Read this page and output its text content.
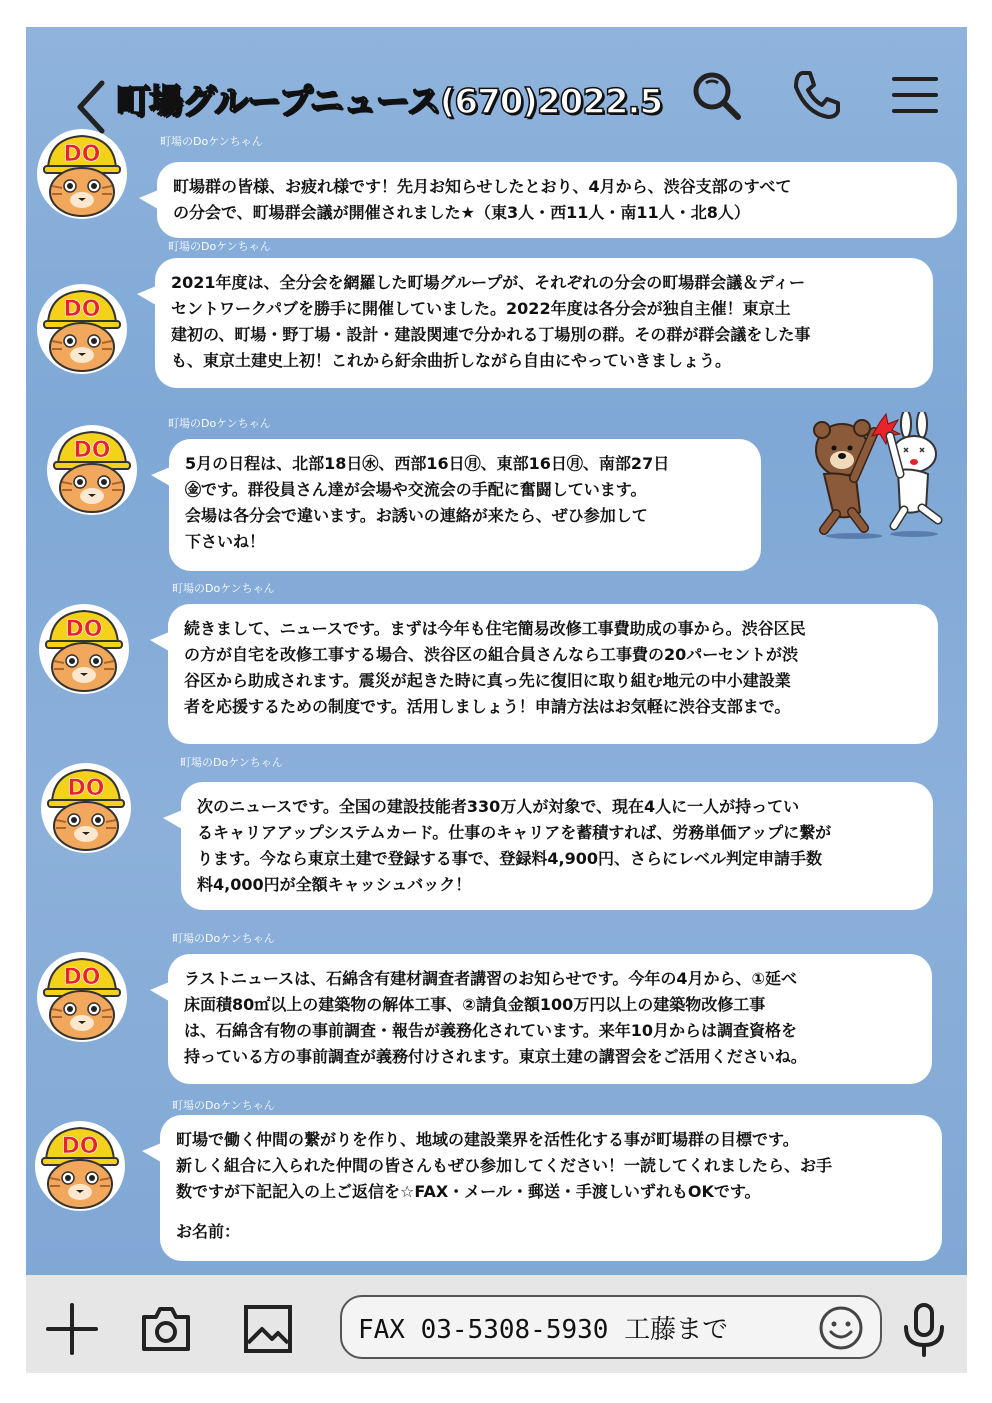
町場グループニュース(670)2022.5
DO
町場のDoケンちゃん

町場群の皆様、お疲れ様です！先月お知らせしたとおり、4月から、渋谷支部のすべて

の分会で、町場群会議が開催されました★（東3人・西11人・南11人・北8人）

DO
町場のDoケンちゃん

2021年度は、全分会を網羅した町場グループが、それぞれの分会の町場群会議＆ディー

セントワークパブを勝手に開催していました。2022年度は各分会が独自主催！東京土

建初の、町場・野丁場・設計・建設関連で分かれる丁場別の群。その群が群会議をした事

も、東京土建史上初！これから紆余曲折しながら自由にやっていきましょう。

DO
町場のDoケンちゃん

5月の日程は、北部18日㊌、西部16日㊊、東部16日㊊、南部27日

㊎です。群役員さん達が会場や交流会の手配に奮闘しています。

会場は各分会で違います。お誘いの連絡が来たら、ぜひ参加して

下さいね！

DO
町場のDoケンちゃん

続きまして、ニュースです。まずは今年も住宅簡易改修工事費助成の事から。渋谷区民

の方が自宅を改修工事する場合、渋谷区の組合員さんなら工事費の20パーセントが渋

谷区から助成されます。震災が起きた時に真っ先に復旧に取り組む地元の中小建設業

者を応援するための制度です。活用しましょう！申請方法はお気軽に渋谷支部まで。

DO
町場のDoケンちゃん

次のニュースです。全国の建設技能者330万人が対象で、現在4人に一人が持ってい

るキャリアアップシステムカード。仕事のキャリアを蓄積すれば、労務単価アップに繋が

ります。今なら東京土建で登録する事で、登録料4,900円、さらにレベル判定申請手数

料4,000円が全額キャッシュバック！

DO
町場のDoケンちゃん

ラストニュースは、石綿含有建材調査者講習のお知らせです。今年の4月から、①延べ

床面積80㎡以上の建築物の解体工事、②請負金額100万円以上の建築物改修工事

は、石綿含有物の事前調査・報告が義務化されています。来年10月からは調査資格を

持っている方の事前調査が義務付けされます。東京土建の講習会をご活用くださいね。

DO
町場のDoケンちゃん

町場で働く仲間の繋がりを作り、地域の建設業界を活性化する事が町場群の目標です。

新しく組合に入られた仲間の皆さんもぜひ参加してください！一読してくれましたら、お手

数ですが下記記入の上ご返信を☆FAX・メール・郵送・手渡しいずれもOKです。

お名前：

FAX 03-5308-5930 工藤まで
